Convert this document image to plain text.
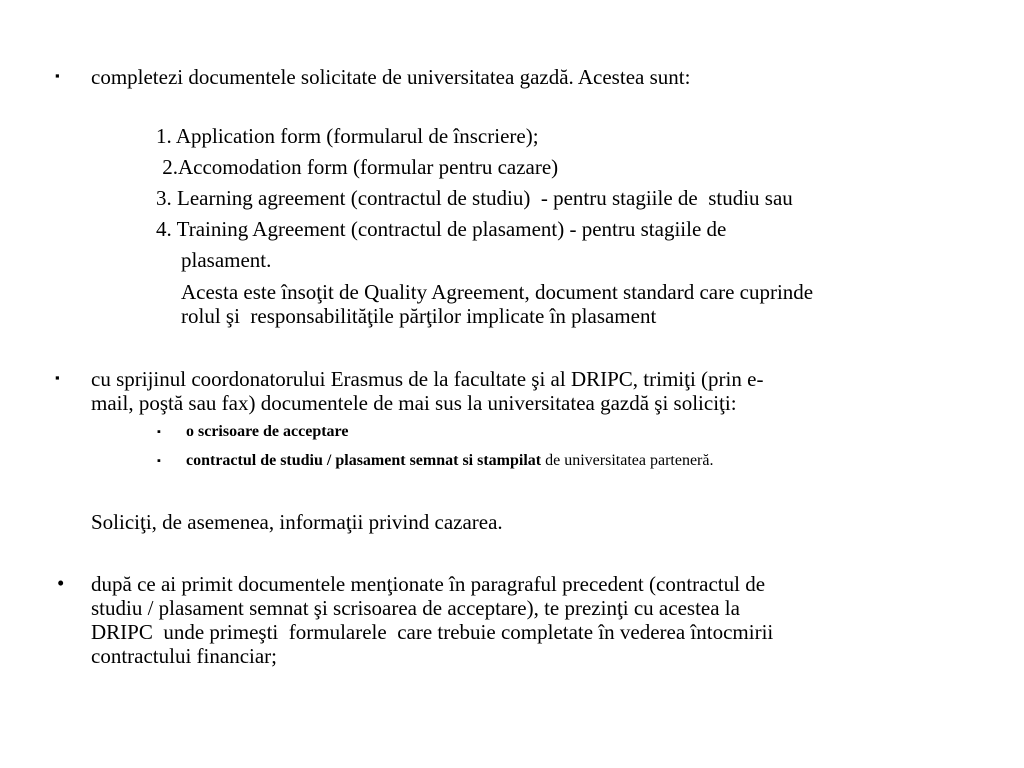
▪ completezi documentele solicitate de universitatea gazdă. Acestea sunt:
1. Application form (formularul de înscriere);
2.Accomodation form (formular pentru cazare)
3. Learning agreement (contractul de studiu)  - pentru stagiile de  studiu sau
4. Training Agreement (contractul de plasament) - pentru stagiile de
plasament.
Acesta este însoţit de Quality Agreement, document standard care cuprinde
rolul şi  responsabilităţile părţilor implicate în plasament
▪ cu sprijinul coordonatorului Erasmus de la facultate şi al DRIPC, trimiţi (prin e-
mail, poştă sau fax) documentele de mai sus la universitatea gazdă şi soliciţi:
▪ o scrisoare de acceptare
▪ contractul de studiu / plasament semnat si stampilat de universitatea parteneră.
Soliciţi, de asemenea, informaţii privind cazarea.
• după ce ai primit documentele menţionate în paragraful precedent (contractul de
studiu / plasament semnat şi scrisoarea de acceptare), te prezinţi cu acestea la
DRIPC  unde primeşti  formularele  care trebuie completate în vederea întocmirii
contractului financiar;
